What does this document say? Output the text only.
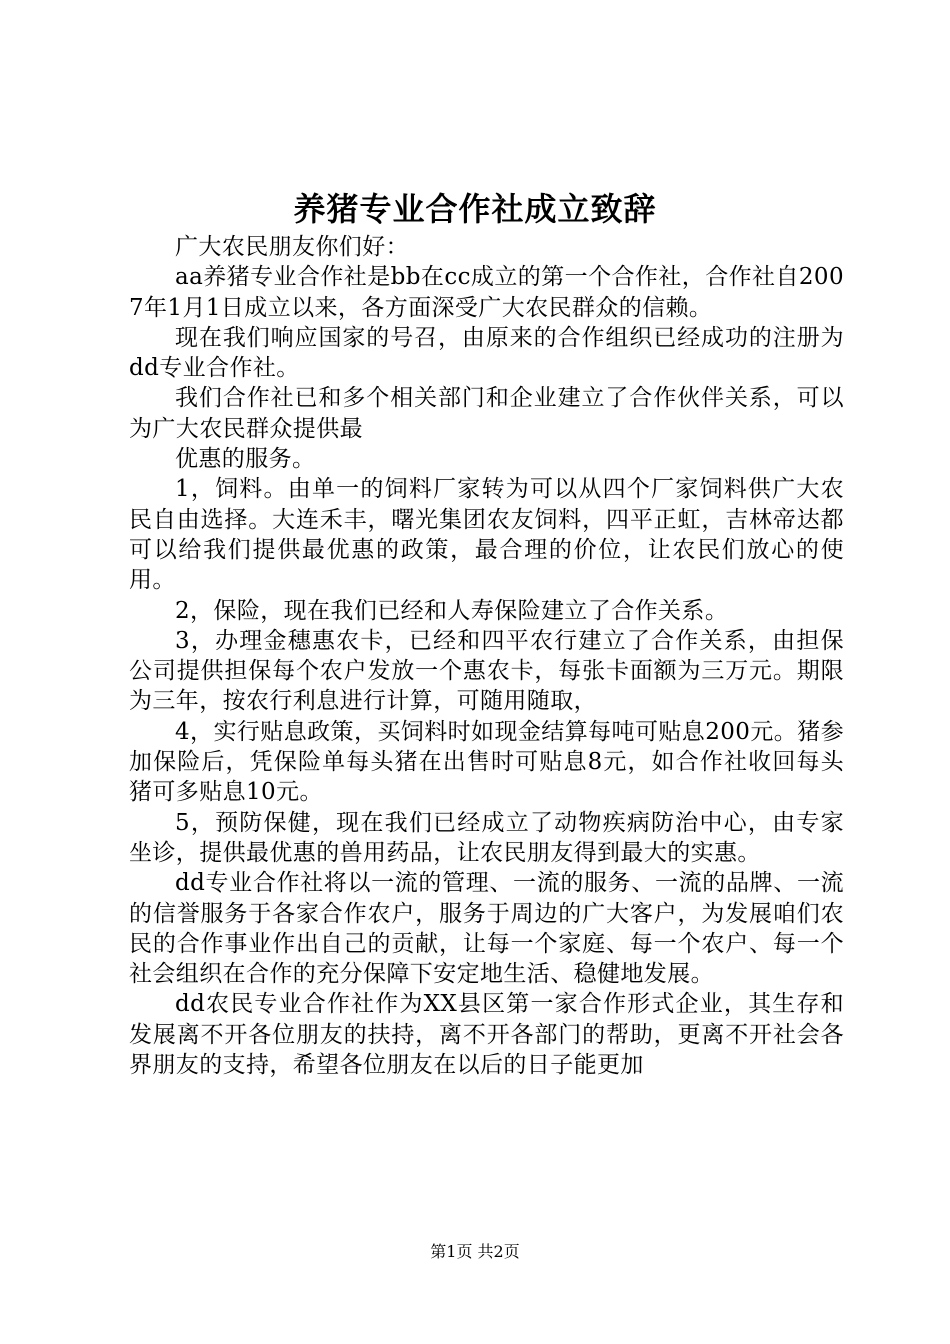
养猪专业合作社成立致辞

广大农民朋友你们好：

aa养猪专业合作社是bb在cc成立的第一个合作社，合作社自2007年1月1日成立以来，各方面深受广大农民群众的信赖。

现在我们响应国家的号召，由原来的合作组织已经成功的注册为dd专业合作社。

我们合作社已和多个相关部门和企业建立了合作伙伴关系，可以为广大农民群众提供最

优惠的服务。

1，饲料。由单一的饲料厂家转为可以从四个厂家饲料供广大农民自由选择。大连禾丰，曙光集团农友饲料，四平正虹，吉林帝达都可以给我们提供最优惠的政策，最合理的价位，让农民们放心的使用。

2，保险，现在我们已经和人寿保险建立了合作关系。

3，办理金穗惠农卡，已经和四平农行建立了合作关系，由担保公司提供担保每个农户发放一个惠农卡，每张卡面额为三万元。期限为三年，按农行利息进行计算，可随用随取，

4，实行贴息政策，买饲料时如现金结算每吨可贴息200元。猪参加保险后，凭保险单每头猪在出售时可贴息8元，如合作社收回每头猪可多贴息10元。

5，预防保健，现在我们已经成立了动物疾病防治中心，由专家坐诊，提供最优惠的兽用药品，让农民朋友得到最大的实惠。

dd专业合作社将以一流的管理、一流的服务、一流的品牌、一流的信誉服务于各家合作农户，服务于周边的广大客户，为发展咱们农民的合作事业作出自己的贡献，让每一个家庭、每一个农户、每一个社会组织在合作的充分保障下安定地生活、稳健地发展。

dd农民专业合作社作为XX县区第一家合作形式企业，其生存和发展离不开各位朋友的扶持，离不开各部门的帮助，更离不开社会各界朋友的支持，希望各位朋友在以后的日子能更加

第1页 共2页
